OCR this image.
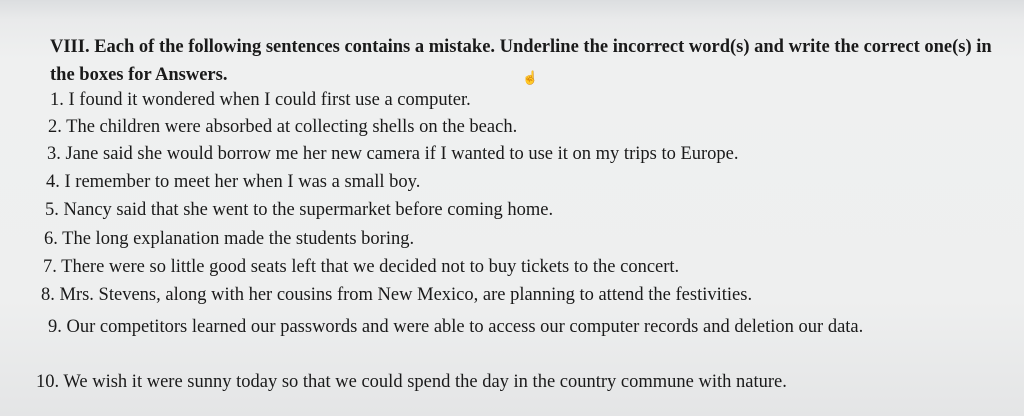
☝

VIII. Each of the following sentences contains a mistake. Underline the incorrect word(s) and write the correct one(s) in the boxes for Answers.

1. I found it wondered when I could first use a computer.

2. The children were absorbed at collecting shells on the beach.

3. Jane said she would borrow me her new camera if I wanted to use it on my trips to Europe.

4. I remember to meet her when I was a small boy.

5. Nancy said that she went to the supermarket before coming home.

6. The long explanation made the students boring.

7. There were so little good seats left that we decided not to buy tickets to the concert.

8. Mrs. Stevens, along with her cousins from New Mexico, are planning to attend the festivities.

9. Our competitors learned our passwords and were able to access our computer records and deletion our data.

10. We wish it were sunny today so that we could spend the day in the country commune with nature.
